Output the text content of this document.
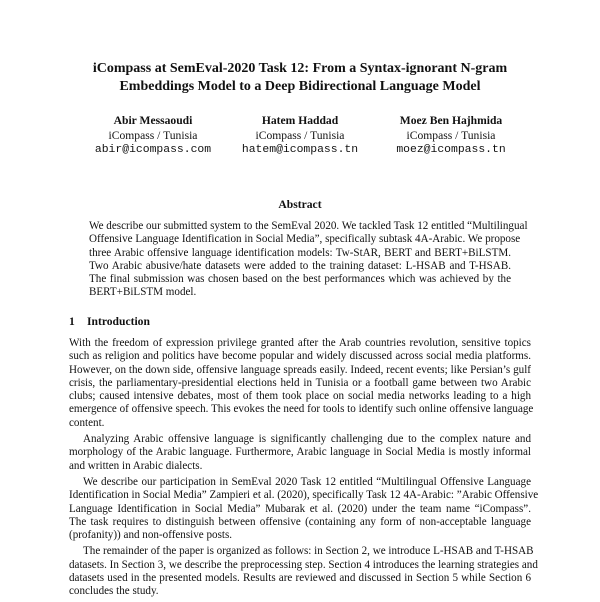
iCompass at SemEval-2020 Task 12: From a Syntax-ignorant N-gram
Embeddings Model to a Deep Bidirectional Language Model
Abir Messaoudi
iCompass / Tunisia
abir@icompass.com
Hatem Haddad
iCompass / Tunisia
hatem@icompass.tn
Moez Ben Hajhmida
iCompass / Tunisia
moez@icompass.tn
Abstract
We describe our submitted system to the SemEval 2020. We tackled Task 12 entitled “Multilingual
Offensive Language Identification in Social Media”, specifically subtask 4A-Arabic. We propose
three Arabic offensive language identification models: Tw-StAR, BERT and BERT+BiLSTM.
Two Arabic abusive/hate datasets were added to the training dataset: L-HSAB and T-HSAB.
The final submission was chosen based on the best performances which was achieved by the
BERT+BiLSTM model.
1 Introduction
With the freedom of expression privilege granted after the Arab countries revolution, sensitive topics
such as religion and politics have become popular and widely discussed across social media platforms.
However, on the down side, offensive language spreads easily. Indeed, recent events; like Persian’s gulf
crisis, the parliamentary-presidential elections held in Tunisia or a football game between two Arabic
clubs; caused intensive debates, most of them took place on social media networks leading to a high
emergence of offensive speech. This evokes the need for tools to identify such online offensive language
content.
Analyzing Arabic offensive language is significantly challenging due to the complex nature and
morphology of the Arabic language. Furthermore, Arabic language in Social Media is mostly informal
and written in Arabic dialects.
We describe our participation in SemEval 2020 Task 12 entitled “Multilingual Offensive Language
Identification in Social Media” Zampieri et al. (2020), specifically Task 12 4A-Arabic: ”Arabic Offensive
Language Identification in Social Media” Mubarak et al. (2020) under the team name “iCompass”.
The task requires to distinguish between offensive (containing any form of non-acceptable language
(profanity)) and non-offensive posts.
The remainder of the paper is organized as follows: in Section 2, we introduce L-HSAB and T-HSAB
datasets. In Section 3, we describe the preprocessing step. Section 4 introduces the learning strategies and
datasets used in the presented models. Results are reviewed and discussed in Section 5 while Section 6
concludes the study.
